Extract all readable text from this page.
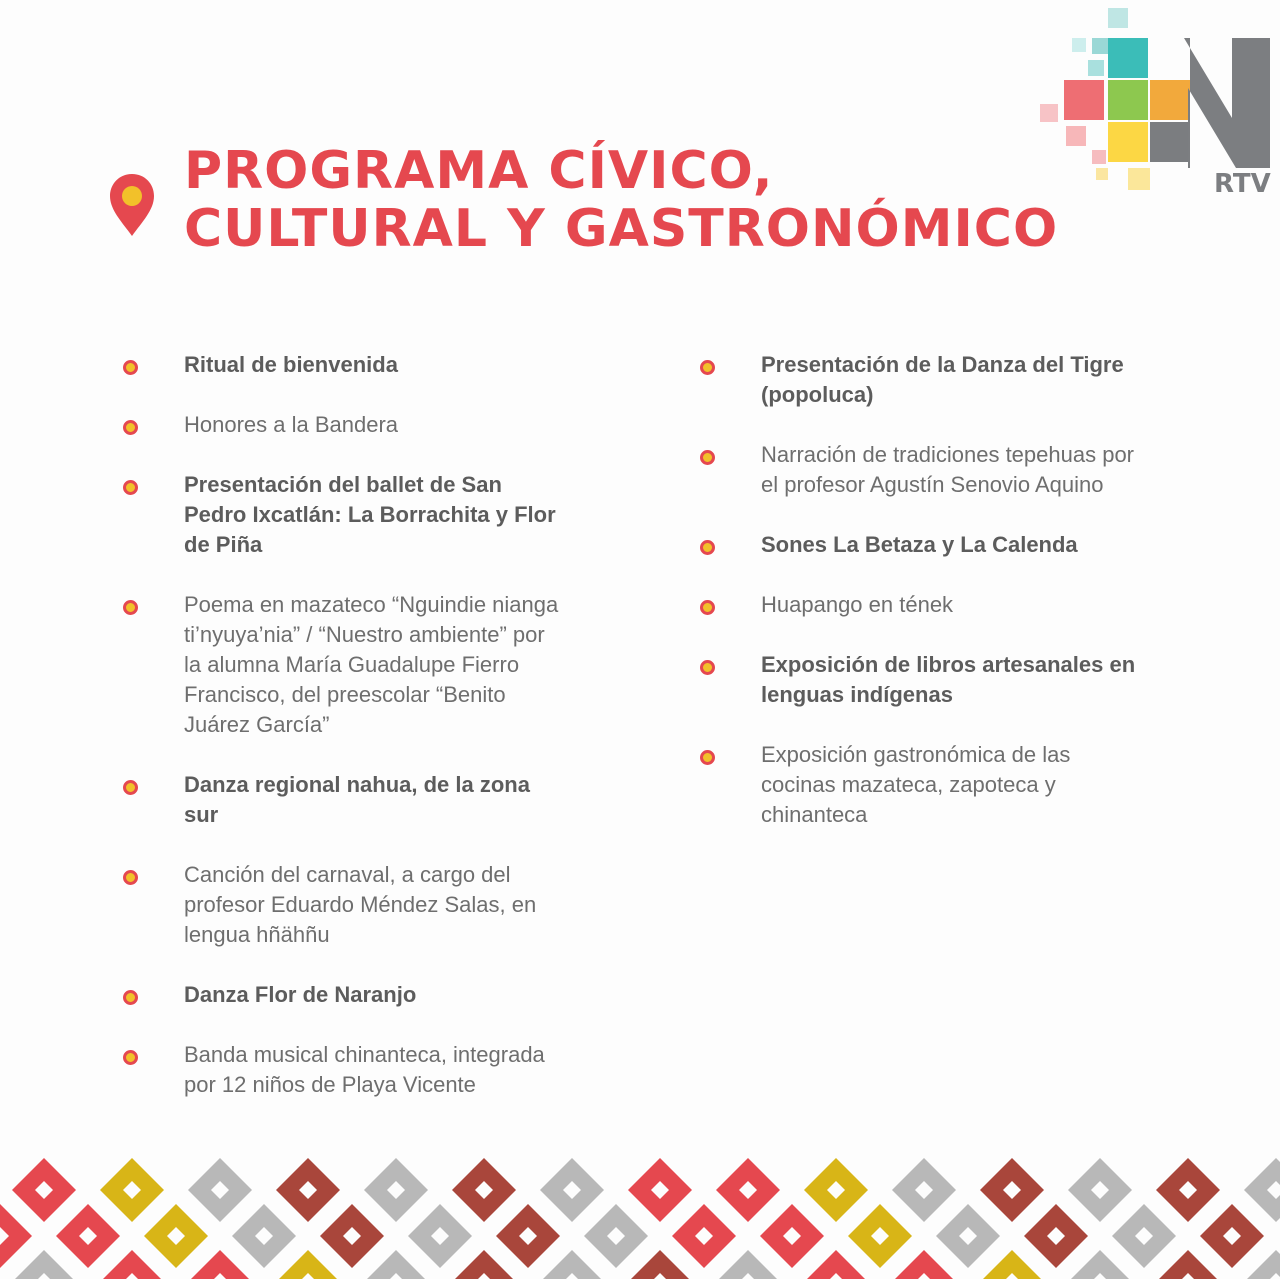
PROGRAMA CÍVICO,
CULTURAL Y GASTRONÓMICO
RTV
Ritual de bienvenida
Honores a la Bandera
Presentación del ballet de San Pedro Ixcatlán: La Borrachita y Flor de Piña
Poema en mazateco “Nguindie nianga ti’nyuya’nia” / “Nuestro ambiente” por la alumna María Guadalupe Fierro Francisco, del preescolar “Benito Juárez García”
Danza regional nahua, de la zona sur
Canción del carnaval, a cargo del profesor Eduardo Méndez Salas, en lengua hñähñu
Danza Flor de Naranjo
Banda musical chinanteca, integrada por 12 niños de Playa Vicente
Presentación de la Danza del Tigre (popoluca)
Narración de tradiciones tepehuas por el profesor Agustín Senovio Aquino
Sones La Betaza y La Calenda
Huapango en tének
Exposición de libros artesanales en lenguas indígenas
Exposición gastronómica de las cocinas mazateca, zapoteca y chinanteca
